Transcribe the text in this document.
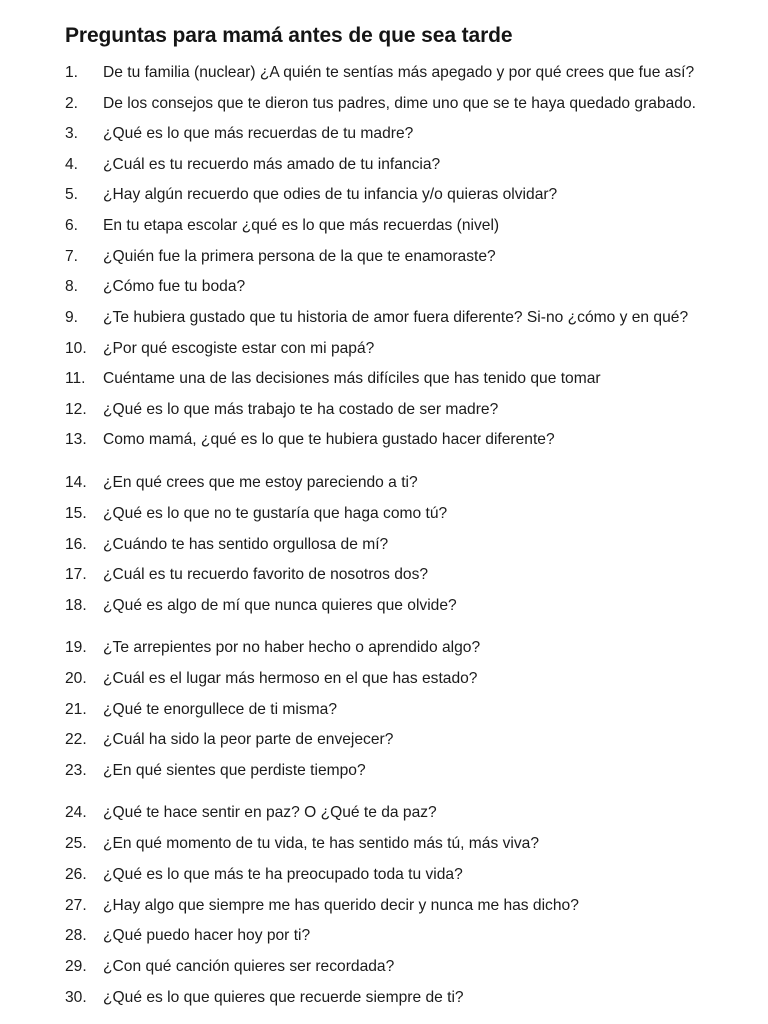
Preguntas para mamá antes de que sea tarde
1. De tu familia (nuclear) ¿A quién te sentías más apegado y por qué crees que fue así?
2. De los consejos que te dieron tus padres, dime uno que se te haya quedado grabado.
3. ¿Qué es lo que más recuerdas de tu madre?
4. ¿Cuál es tu recuerdo más amado de tu infancia?
5. ¿Hay algún recuerdo que odies de tu infancia y/o quieras olvidar?
6. En tu etapa escolar ¿qué es lo que más recuerdas (nivel)
7. ¿Quién fue la primera persona de la que te enamoraste?
8. ¿Cómo fue tu boda?
9. ¿Te hubiera gustado que tu historia de amor fuera diferente? Si-no ¿cómo y en qué?
10. ¿Por qué escogiste estar con mi papá?
11. Cuéntame una de las decisiones más difíciles que has tenido que tomar
12. ¿Qué es lo que más trabajo te ha costado de ser madre?
13. Como mamá, ¿qué es lo que te hubiera gustado hacer diferente?
14. ¿En qué crees que me estoy pareciendo a ti?
15. ¿Qué es lo que no te gustaría que haga como tú?
16. ¿Cuándo te has sentido orgullosa de mí?
17. ¿Cuál es tu recuerdo favorito de nosotros dos?
18. ¿Qué es algo de mí que nunca quieres que olvide?
19. ¿Te arrepientes por no haber hecho o aprendido algo?
20. ¿Cuál es el lugar más hermoso en el que has estado?
21. ¿Qué te enorgullece de ti misma?
22. ¿Cuál ha sido la peor parte de envejecer?
23. ¿En qué sientes que perdiste tiempo?
24. ¿Qué te hace sentir en paz? O ¿Qué te da paz?
25. ¿En qué momento de tu vida, te has sentido más tú, más viva?
26. ¿Qué es lo que más te ha preocupado toda tu vida?
27. ¿Hay algo que siempre me has querido decir y nunca me has dicho?
28. ¿Qué puedo hacer hoy por ti?
29. ¿Con qué canción quieres ser recordada?
30. ¿Qué es lo que quieres que recuerde siempre de ti?
